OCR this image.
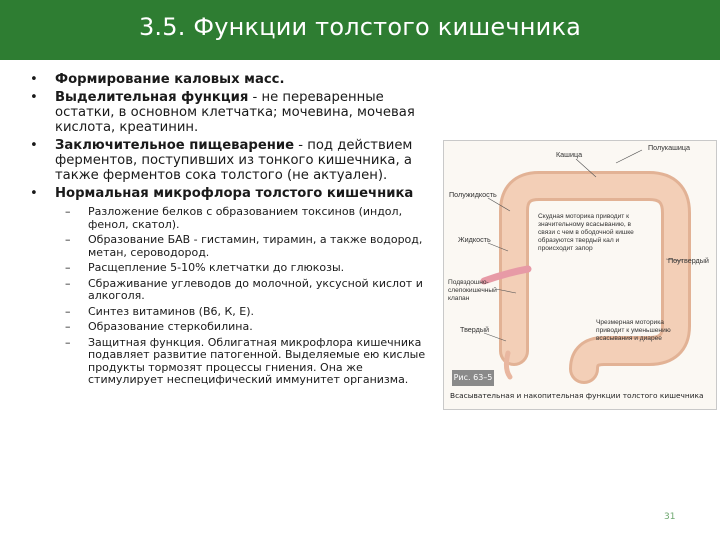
3.5. Функции толстого кишечника
• Формирование каловых масс.
• Выделительная функция - не переваренные остатки, в основном клетчатка; мочевина, мочевая кислота, креатинин.
• Заключительное пищеварение - под действием ферментов, поступивших из тонкого кишечника, а также ферментов сока толстого (не актуален).
• Нормальная микрофлора толстого кишечника
– Разложение белков с образованием токсинов (индол, фенол, скатол).
– Образование БАВ - гистамин, тирамин, а также водород, метан, сероводород.
– Расщепление 5-10% клетчатки до глюкозы.
– Сбраживание углеводов до молочной, уксусной кислот и алкоголя.
– Синтез витаминов (В6, К, Е).
– Образование стеркобилина.
– Защитная функция. Облигатная микрофлора кишечника подавляет развитие патогенной. Выделяемые ею кислые продукты тормозят процессы гниения. Она же стимулирует неспецифический иммунитет организма.
Полукашица
Кашица
Полужидкость
Жидкость
Поутвердый
Твердый
Подвздошно-слепокишечный клапан
Скудная моторика приводит к значительному всасыванию, в связи с чем в ободочной кишке образуются твердый кал и происходит запор
Чрезмерная моторика приводит к уменьшению всасывания и диарее
Рис. 63–5
Всасывательная и накопительная функции толстого кишечника
31
